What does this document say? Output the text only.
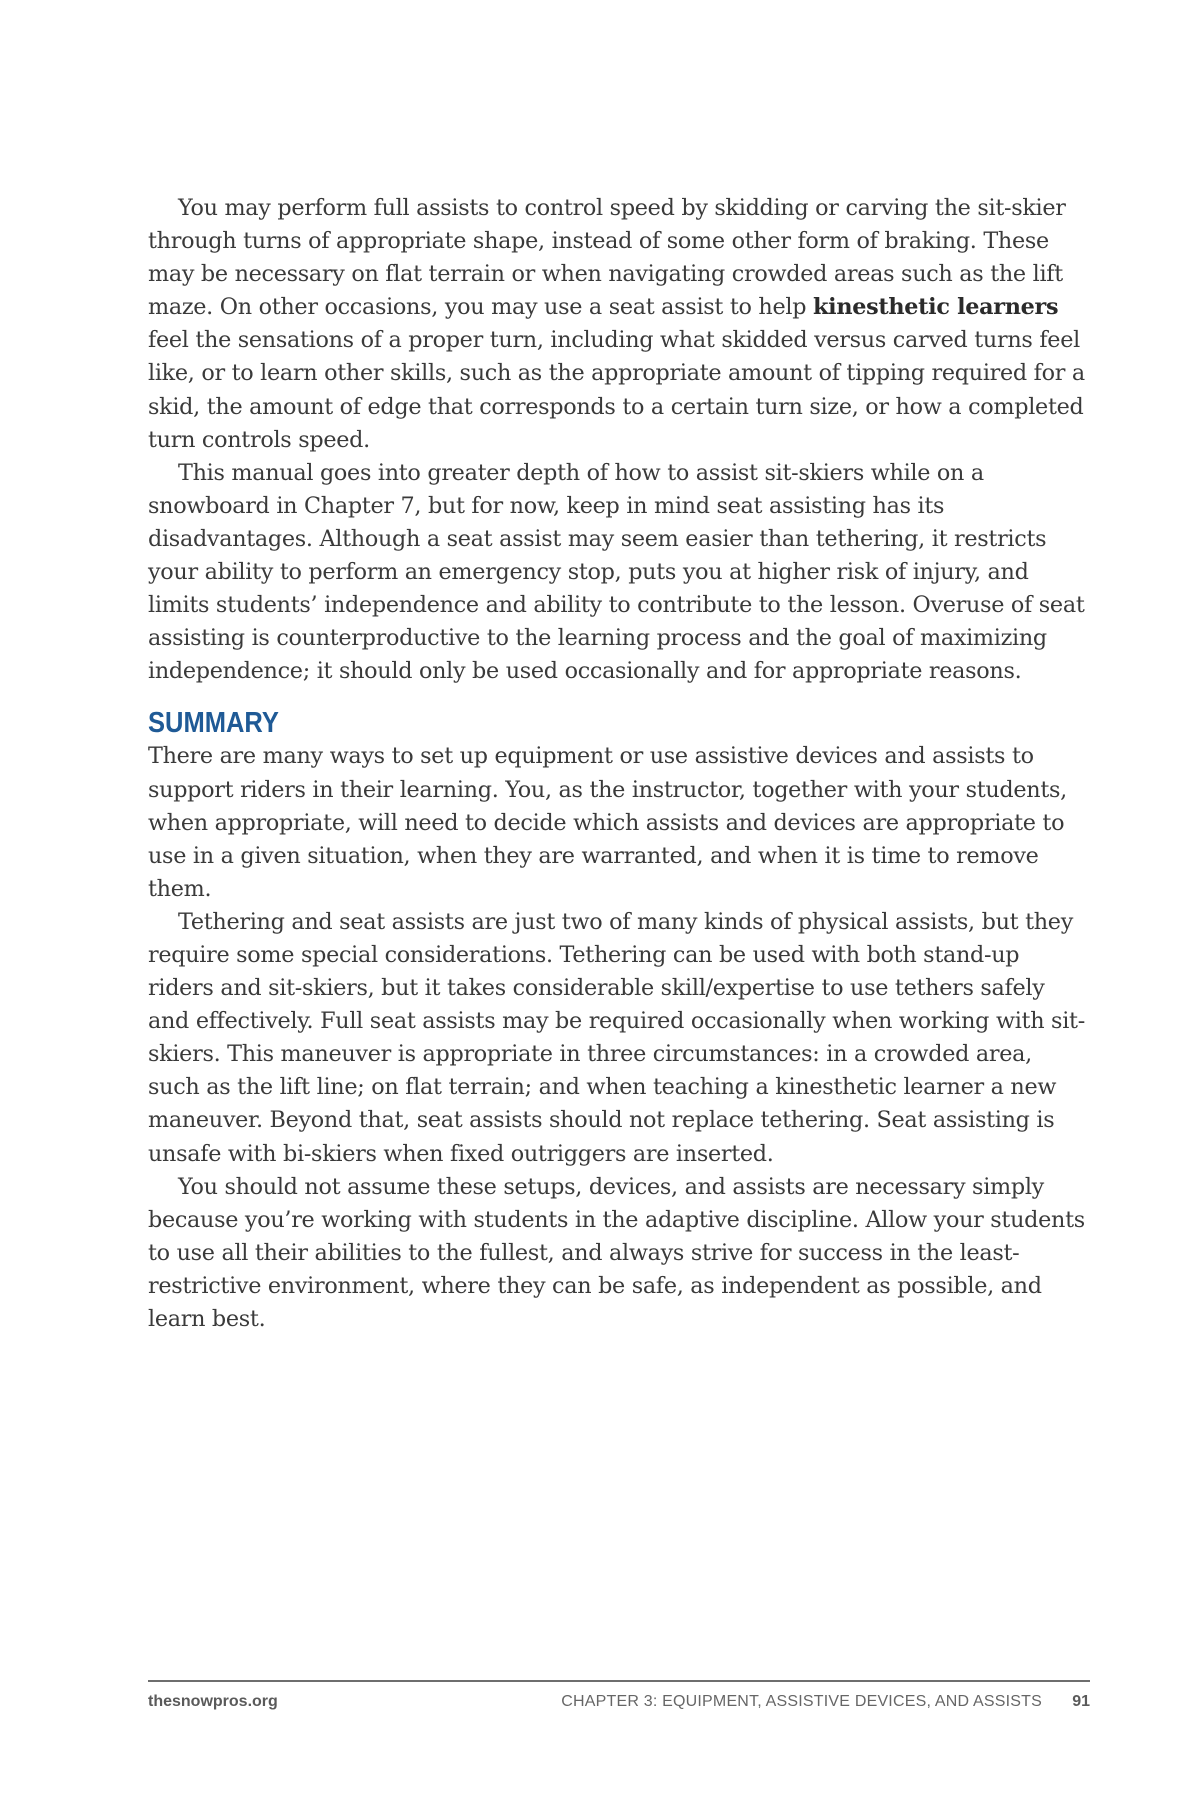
You may perform full assists to control speed by skidding or carving the sit-skier through turns of appropriate shape, instead of some other form of braking. These may be necessary on flat terrain or when navigating crowded areas such as the lift maze. On other occasions, you may use a seat assist to help kinesthetic learners feel the sensations of a proper turn, including what skidded versus carved turns feel like, or to learn other skills, such as the appropriate amount of tipping required for a skid, the amount of edge that corresponds to a certain turn size, or how a completed turn controls speed.

This manual goes into greater depth of how to assist sit-skiers while on a snowboard in Chapter 7, but for now, keep in mind seat assisting has its disadvantages. Although a seat assist may seem easier than tethering, it restricts your ability to perform an emergency stop, puts you at higher risk of injury, and limits students’ independence and ability to contribute to the lesson. Overuse of seat assisting is counterproductive to the learning process and the goal of maximizing independence; it should only be used occasionally and for appropriate reasons.

SUMMARY

There are many ways to set up equipment or use assistive devices and assists to support riders in their learning. You, as the instructor, together with your students, when appropriate, will need to decide which assists and devices are appropriate to use in a given situation, when they are warranted, and when it is time to remove them.

Tethering and seat assists are just two of many kinds of physical assists, but they require some special considerations. Tethering can be used with both stand-up riders and sit-skiers, but it takes considerable skill/expertise to use tethers safely and effectively. Full seat assists may be required occasionally when working with sit-skiers. This maneuver is appropriate in three circumstances: in a crowded area, such as the lift line; on flat terrain; and when teaching a kinesthetic learner a new maneuver. Beyond that, seat assists should not replace tethering. Seat assisting is unsafe with bi-skiers when fixed outriggers are inserted.

You should not assume these setups, devices, and assists are necessary simply because you’re working with students in the adaptive discipline. Allow your students to use all their abilities to the fullest, and always strive for success in the least-restrictive environment, where they can be safe, as independent as possible, and learn best.

thesnowpros.org	CHAPTER 3: EQUIPMENT, ASSISTIVE DEVICES, AND ASSISTS 91
